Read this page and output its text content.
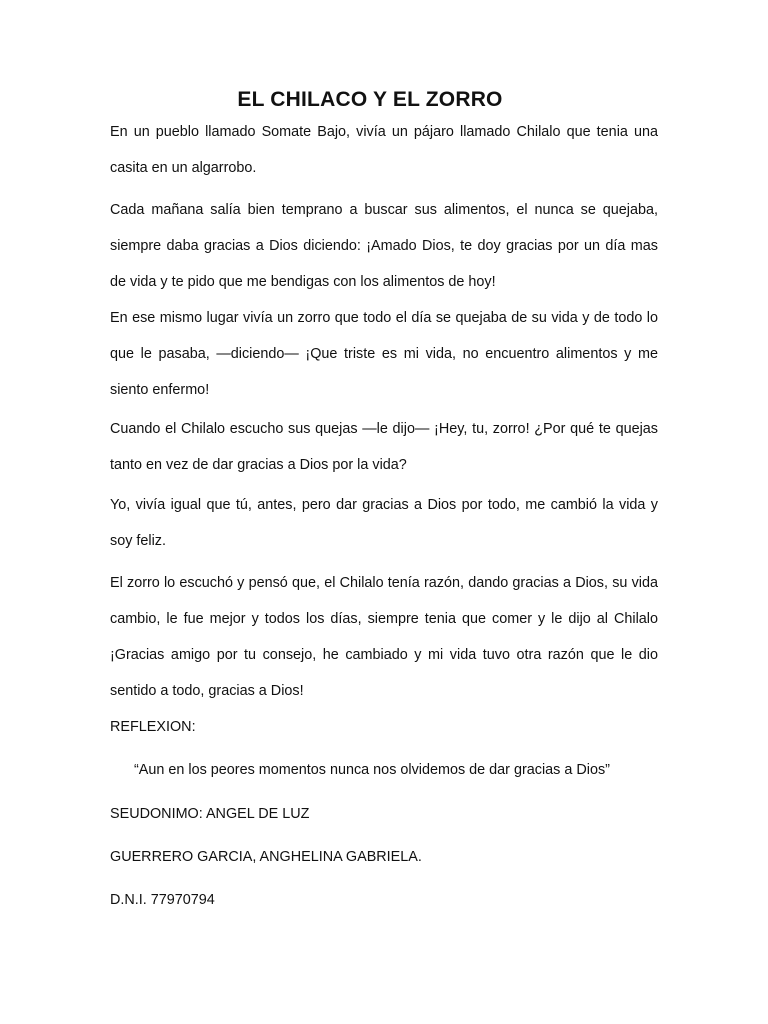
EL CHILACO Y EL ZORRO

En un pueblo llamado Somate Bajo, vivía un pájaro llamado Chilalo que tenia una casita en un algarrobo.

Cada mañana salía bien temprano a buscar sus alimentos, el nunca se quejaba, siempre daba gracias a Dios diciendo: ¡Amado Dios, te doy gracias por un día mas de vida y te pido que me bendigas con los alimentos de hoy!

En ese mismo lugar vivía un zorro que todo el día se quejaba de su vida y de todo lo que le pasaba, —diciendo— ¡Que triste es mi vida, no encuentro alimentos y me siento enfermo!

Cuando el Chilalo escucho sus quejas —le dijo— ¡Hey, tu, zorro! ¿Por qué te quejas tanto en vez de dar gracias a Dios por la vida?

Yo, vivía igual que tú, antes, pero dar gracias a Dios por todo, me cambió la vida y soy feliz.

El zorro lo escuchó y pensó que, el Chilalo tenía razón, dando gracias a Dios, su vida cambio, le fue mejor y todos los días, siempre tenia que comer y le dijo al Chilalo ¡Gracias amigo por tu consejo, he cambiado y mi vida tuvo otra razón que le dio sentido a todo, gracias a Dios!

REFLEXION:

“Aun en los peores momentos nunca nos olvidemos de dar gracias a Dios”

SEUDONIMO: ANGEL DE LUZ

GUERRERO GARCIA, ANGHELINA GABRIELA.

D.N.I. 77970794
